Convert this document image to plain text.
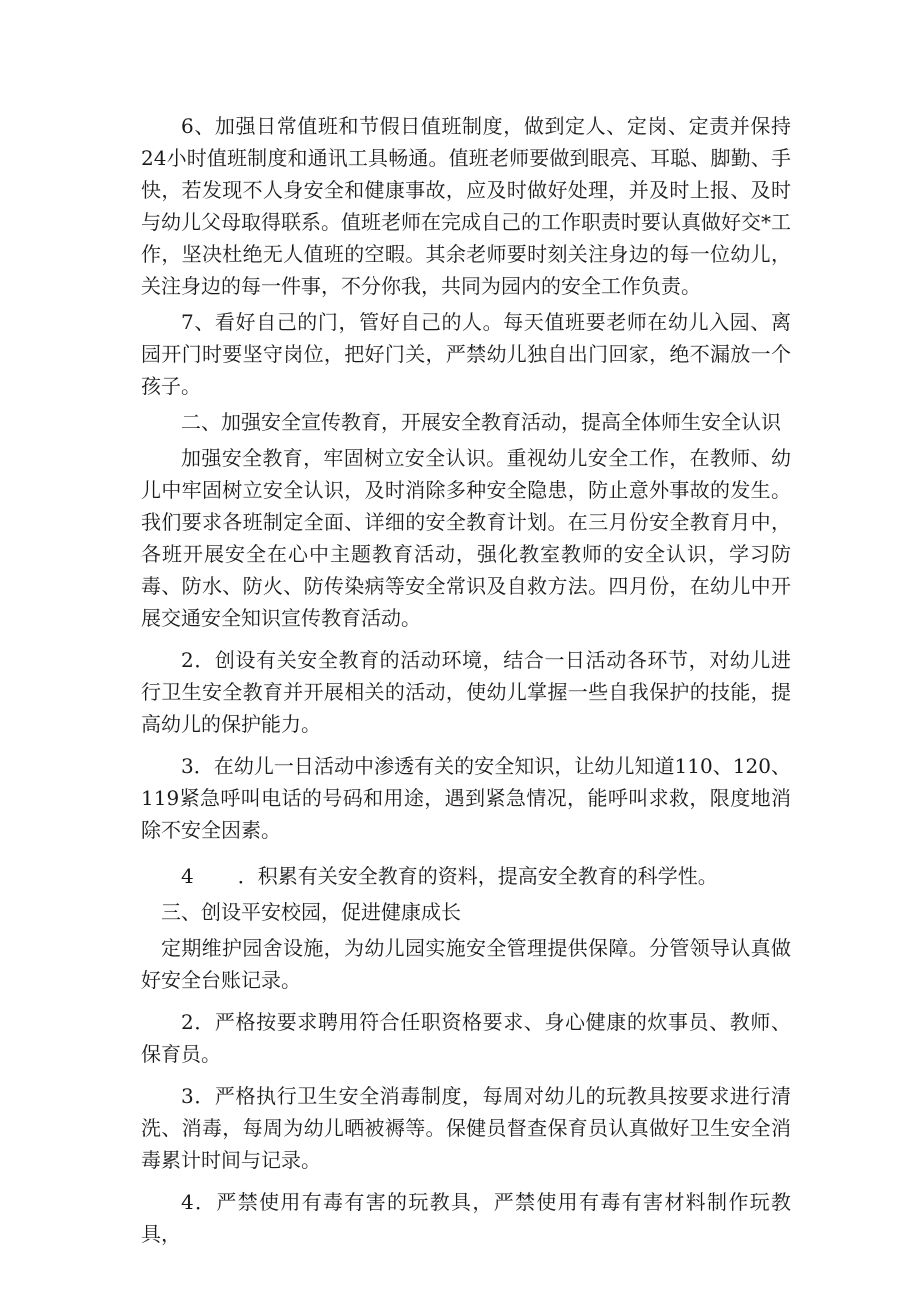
6、加强日常值班和节假日值班制度，做到定人、定岗、定责并保持24小时值班制度和通讯工具畅通。值班老师要做到眼亮、耳聪、脚勤、手快，若发现不人身安全和健康事故，应及时做好处理，并及时上报、及时与幼儿父母取得联系。值班老师在完成自己的工作职责时要认真做好交*工作，坚决杜绝无人值班的空暇。其余老师要时刻关注身边的每一位幼儿，关注身边的每一件事，不分你我，共同为园内的安全工作负责。

7、看好自己的门，管好自己的人。每天值班要老师在幼儿入园、离园开门时要坚守岗位，把好门关，严禁幼儿独自出门回家，绝不漏放一个孩子。

二、加强安全宣传教育，开展安全教育活动，提高全体师生安全认识

加强安全教育，牢固树立安全认识。重视幼儿安全工作，在教师、幼儿中牢固树立安全认识，及时消除多种安全隐患，防止意外事故的发生。我们要求各班制定全面、详细的安全教育计划。在三月份安全教育月中，各班开展安全在心中主题教育活动，强化教室教师的安全认识，学习防毒、防水、防火、防传染病等安全常识及自救方法。四月份，在幼儿中开展交通安全知识宣传教育活动。

2．创设有关安全教育的活动环境，结合一日活动各环节，对幼儿进行卫生安全教育并开展相关的活动，使幼儿掌握一些自我保护的技能，提高幼儿的保护能力。

3．在幼儿一日活动中渗透有关的安全知识，让幼儿知道110、120、119紧急呼叫电话的号码和用途，遇到紧急情况，能呼叫求救，限度地消除不安全因素。

4 ．积累有关安全教育的资料，提高安全教育的科学性。

三、创设平安校园，促进健康成长

定期维护园舍设施，为幼儿园实施安全管理提供保障。分管领导认真做好安全台账记录。

2．严格按要求聘用符合任职资格要求、身心健康的炊事员、教师、保育员。

3．严格执行卫生安全消毒制度，每周对幼儿的玩教具按要求进行清洗、消毒，每周为幼儿晒被褥等。保健员督查保育员认真做好卫生安全消毒累计时间与记录。

4．严禁使用有毒有害的玩教具，严禁使用有毒有害材料制作玩教具，
